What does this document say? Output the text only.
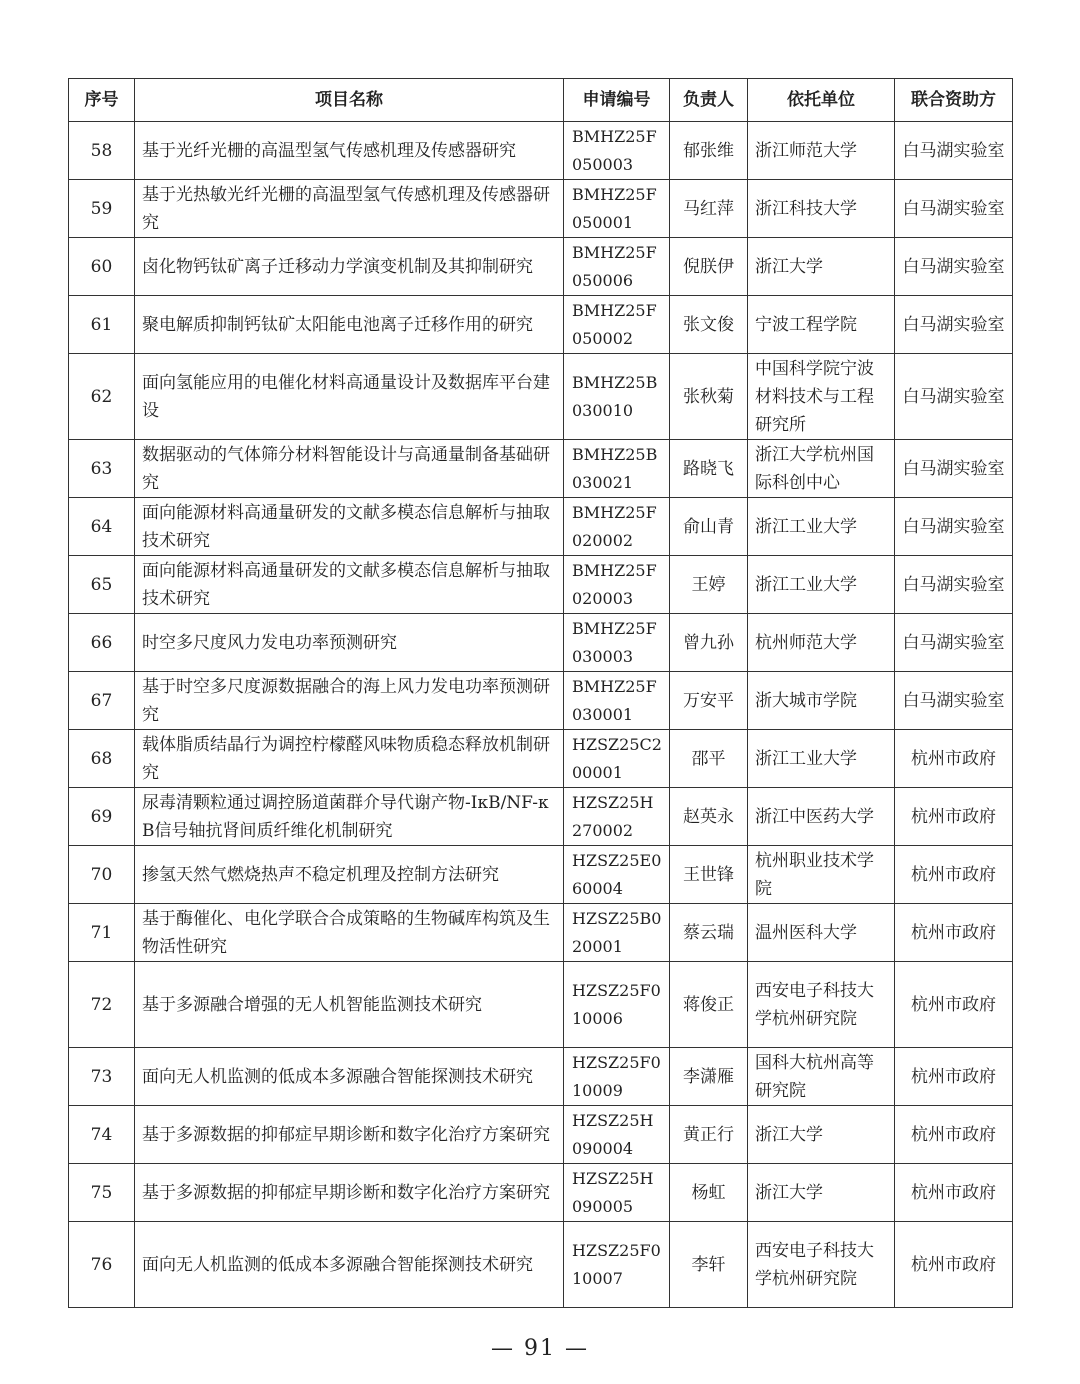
序号	项目名称	申请编号	负责人	依托单位	联合资助方
58	基于光纤光栅的高温型氢气传感机理及传感器研究	BMHZ25F050003	郁张维	浙江师范大学	白马湖实验室
59	基于光热敏光纤光栅的高温型氢气传感机理及传感器研究	BMHZ25F050001	马红萍	浙江科技大学	白马湖实验室
60	卤化物钙钛矿离子迁移动力学演变机制及其抑制研究	BMHZ25F050006	倪朕伊	浙江大学	白马湖实验室
61	聚电解质抑制钙钛矿太阳能电池离子迁移作用的研究	BMHZ25F050002	张文俊	宁波工程学院	白马湖实验室
62	面向氢能应用的电催化材料高通量设计及数据库平台建设	BMHZ25B030010	张秋菊	中国科学院宁波材料技术与工程研究所	白马湖实验室
63	数据驱动的气体筛分材料智能设计与高通量制备基础研究	BMHZ25B030021	路晓飞	浙江大学杭州国际科创中心	白马湖实验室
64	面向能源材料高通量研发的文献多模态信息解析与抽取技术研究	BMHZ25F020002	俞山青	浙江工业大学	白马湖实验室
65	面向能源材料高通量研发的文献多模态信息解析与抽取技术研究	BMHZ25F020003	王婷	浙江工业大学	白马湖实验室
66	时空多尺度风力发电功率预测研究	BMHZ25F030003	曾九孙	杭州师范大学	白马湖实验室
67	基于时空多尺度源数据融合的海上风力发电功率预测研究	BMHZ25F030001	万安平	浙大城市学院	白马湖实验室
68	载体脂质结晶行为调控柠檬醛风味物质稳态释放机制研究	HZSZ25C200001	邵平	浙江工业大学	杭州市政府
69	尿毒清颗粒通过调控肠道菌群介导代谢产物-IκB/NF-κB信号轴抗肾间质纤维化机制研究	HZSZ25H270002	赵英永	浙江中医药大学	杭州市政府
70	掺氢天然气燃烧热声不稳定机理及控制方法研究	HZSZ25E060004	王世锋	杭州职业技术学院	杭州市政府
71	基于酶催化、电化学联合合成策略的生物碱库构筑及生物活性研究	HZSZ25B020001	蔡云瑞	温州医科大学	杭州市政府
72	基于多源融合增强的无人机智能监测技术研究	HZSZ25F010006	蒋俊正	西安电子科技大学杭州研究院	杭州市政府
73	面向无人机监测的低成本多源融合智能探测技术研究	HZSZ25F010009	李潇雁	国科大杭州高等研究院	杭州市政府
74	基于多源数据的抑郁症早期诊断和数字化治疗方案研究	HZSZ25H090004	黄正行	浙江大学	杭州市政府
75	基于多源数据的抑郁症早期诊断和数字化治疗方案研究	HZSZ25H090005	杨虹	浙江大学	杭州市政府
76	面向无人机监测的低成本多源融合智能探测技术研究	HZSZ25F010007	李轩	西安电子科技大学杭州研究院	杭州市政府
— 91 —
